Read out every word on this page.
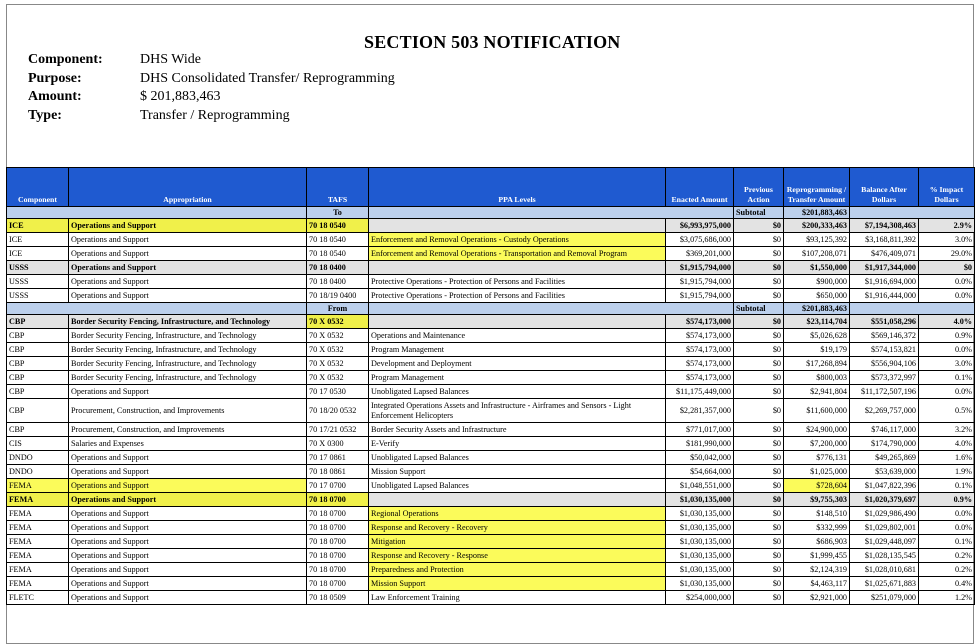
SECTION 503 NOTIFICATION
Component:	DHS Wide
Purpose:	DHS Consolidated Transfer/ Reprogramming
Amount:	$ 201,883,463
Type:	Transfer / Reprogramming
Component	Appropriation	TAFS	PPA Levels	Enacted Amount	Previous Action	Reprogramming / Transfer Amount	Balance After Dollars	% Impact Dollars
		To			Subtotal	$201,883,463		
ICE	Operations and Support	70 18 0540		$6,993,975,000	$0	$200,333,463	$7,194,308,463	2.9%
ICE	Operations and Support	70 18 0540	Enforcement and Removal Operations - Custody Operations	$3,075,686,000	$0	$93,125,392	$3,168,811,392	3.0%
ICE	Operations and Support	70 18 0540	Enforcement and Removal Operations - Transportation and Removal Program	$369,201,000	$0	$107,208,071	$476,409,071	29.0%
USSS	Operations and Support	70 18 0400		$1,915,794,000	$0	$1,550,000	$1,917,344,000	$0
USSS	Operations and Support	70 18 0400	Protective Operations - Protection of Persons and Facilities	$1,915,794,000	$0	$900,000	$1,916,694,000	0.0%
USSS	Operations and Support	70 18/19 0400	Protective Operations - Protection of Persons and Facilities	$1,915,794,000	$0	$650,000	$1,916,444,000	0.0%
		From			Subtotal	$201,883,463		
CBP	Border Security Fencing, Infrastructure, and Technology	70 X 0532		$574,173,000	$0	$23,114,704	$551,058,296	4.0%
CBP	Border Security Fencing, Infrastructure, and Technology	70 X 0532	Operations and Maintenance	$574,173,000	$0	$5,026,628	$569,146,372	0.9%
CBP	Border Security Fencing, Infrastructure, and Technology	70 X 0532	Program Management	$574,173,000	$0	$19,179	$574,153,821	0.0%
CBP	Border Security Fencing, Infrastructure, and Technology	70 X 0532	Development and Deployment	$574,173,000	$0	$17,268,894	$556,904,106	3.0%
CBP	Border Security Fencing, Infrastructure, and Technology	70 X 0532	Program Management	$574,173,000	$0	$800,003	$573,372,997	0.1%
CBP	Operations and Support	70 17 0530	Unobligated Lapsed Balances	$11,175,449,000	$0	$2,941,804	$11,172,507,196	0.0%
CBP	Procurement, Construction, and Improvements	70 18/20 0532	Integrated Operations Assets and Infrastructure - Airframes and Sensors - Light Enforcement Helicopters	$2,281,357,000	$0	$11,600,000	$2,269,757,000	0.5%
CBP	Procurement, Construction, and Improvements	70 17/21 0532	Border Security Assets and Infrastructure	$771,017,000	$0	$24,900,000	$746,117,000	3.2%
CIS	Salaries and Expenses	70 X 0300	E-Verify	$181,990,000	$0	$7,200,000	$174,790,000	4.0%
DNDO	Operations and Support	70 17 0861	Unobligated Lapsed Balances	$50,042,000	$0	$776,131	$49,265,869	1.6%
DNDO	Operations and Support	70 18 0861	Mission Support	$54,664,000	$0	$1,025,000	$53,639,000	1.9%
FEMA	Operations and Support	70 17 0700	Unobligated Lapsed Balances	$1,048,551,000	$0	$728,604	$1,047,822,396	0.1%
FEMA	Operations and Support	70 18 0700		$1,030,135,000	$0	$9,755,303	$1,020,379,697	0.9%
FEMA	Operations and Support	70 18 0700	Regional Operations	$1,030,135,000	$0	$148,510	$1,029,986,490	0.0%
FEMA	Operations and Support	70 18 0700	Response and Recovery - Recovery	$1,030,135,000	$0	$332,999	$1,029,802,001	0.0%
FEMA	Operations and Support	70 18 0700	Mitigation	$1,030,135,000	$0	$686,903	$1,029,448,097	0.1%
FEMA	Operations and Support	70 18 0700	Response and Recovery - Response	$1,030,135,000	$0	$1,999,455	$1,028,135,545	0.2%
FEMA	Operations and Support	70 18 0700	Preparedness and Protection	$1,030,135,000	$0	$2,124,319	$1,028,010,681	0.2%
FEMA	Operations and Support	70 18 0700	Mission Support	$1,030,135,000	$0	$4,463,117	$1,025,671,883	0.4%
FLETC	Operations and Support	70 18 0509	Law Enforcement Training	$254,000,000	$0	$2,921,000	$251,079,000	1.2%
